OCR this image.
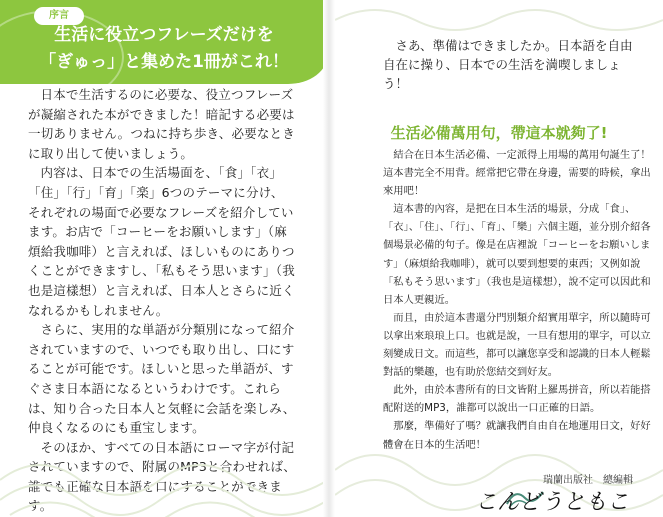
序言
生活に役立つフレーズだけを
「ぎゅっ」と集めた1冊がこれ！

日本で生活するのに必要な、役立つフレーズが凝縮された本ができました！暗記する必要は一切ありません。つねに持ち歩き、必要なときに取り出して使いましょう。

内容は、日本での生活場面を、「食」「衣」「住」「行」「育」「楽」6つのテーマに分け、それぞれの場面で必要なフレーズを紹介しています。お店で「コーヒーをお願いします」（麻煩給我咖啡）と言えれば、ほしいものにありつくことができますし、「私もそう思います」（我也是這樣想）と言えれば、日本人とさらに近くなれるかもしれません。

さらに、実用的な単語が分類別になって紹介されていますので、いつでも取り出し、口にすることが可能です。ほしいと思った単語が、すぐさま日本語になるというわけです。これらは、知り合った日本人と気軽に会話を楽しみ、仲良くなるのにも重宝します。

そのほか、すべての日本語にローマ字が付記されていますので、附属のMP3と合わせれば、誰でも正確な日本語を口にすることができます。

さあ、準備はできましたか。日本語を自由自在に操り、日本での生活を満喫しましょう！

生活必備萬用句，帶這本就夠了!

結合在日本生活必備、一定派得上用場的萬用句誕生了！這本書完全不用背。經常把它帶在身邊，需要的時候，拿出來用吧！

這本書的內容，是把在日本生活的場景，分成「食」、「衣」、「住」、「行」、「育」、「樂」六個主題，並分別介紹各個場景必備的句子。像是在店裡說「コーヒーをお願いします」（麻煩給我咖啡），就可以要到想要的東西；又例如說「私もそう思います」（我也是這樣想），說不定可以因此和日本人更親近。

而且，由於這本書還分門別類介紹實用單字，所以隨時可以拿出來琅琅上口。也就是說，一旦有想用的單字，可以立刻變成日文。而這些，都可以讓您享受和認識的日本人輕鬆對話的樂趣，也有助於您結交到好友。

此外，由於本書所有的日文皆附上羅馬拼音，所以若能搭配附送的MP3，誰都可以說出一口正確的日語。

那麼，準備好了嗎？就讓我們自由自在地運用日文，好好體會在日本的生活吧！

瑞蘭出版社　總編輯
こんどうともこ
